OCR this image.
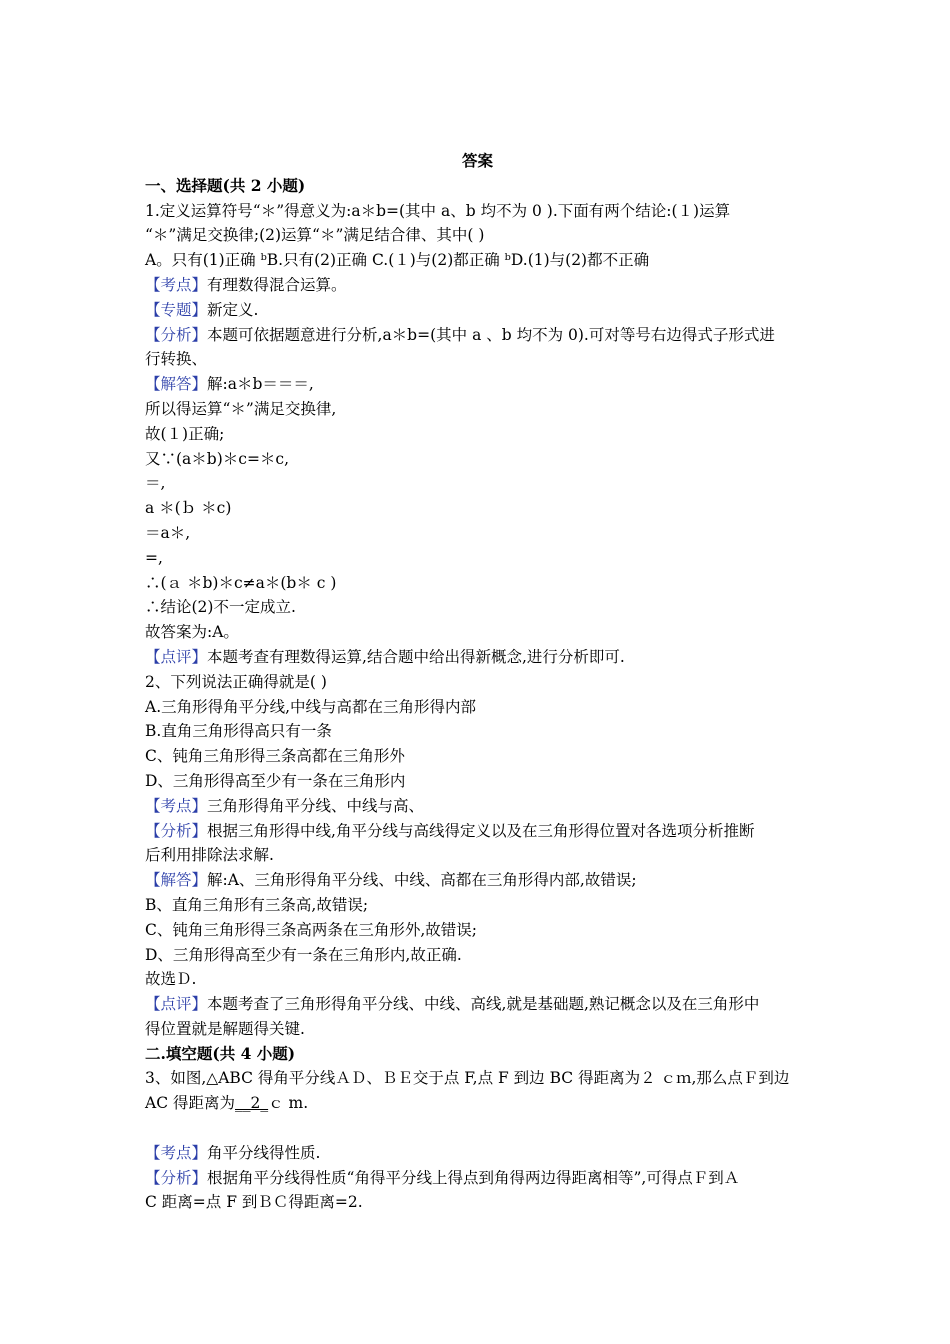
答案
一、选择题(共 2 小题)
1.定义运算符号“＊”得意义为:a＊b=(其中 a、b 均不为 0 ).下面有两个结论:(１)运算
“＊”满足交换律;(2)运算“＊”满足结合律、其中( )
A。只有(1)正确 ᵇB.只有(2)正确 C.(１)与(2)都正确 ᵇD.(1)与(2)都不正确
【考点】有理数得混合运算。
【专题】新定义.
【分析】本题可依据题意进行分析,a＊b=(其中 a 、b 均不为 0).可对等号右边得式子形式进
行转换、
【解答】解:a＊b＝＝＝,
所以得运算“＊”满足交换律,
故(１)正确;
又∵(a＊b)＊c=＊c,
＝,
a ＊(ｂ ＊c)
＝a＊,
=,
∴(ａ ＊b)＊c≠a＊(b＊ c )
∴结论(2)不一定成立.
故答案为:A。
【点评】本题考查有理数得运算,结合题中给出得新概念,进行分析即可.
2、下列说法正确得就是( )
A.三角形得角平分线,中线与高都在三角形得内部
B.直角三角形得高只有一条
C、钝角三角形得三条高都在三角形外
D、三角形得高至少有一条在三角形内
【考点】三角形得角平分线、中线与高、
【分析】根据三角形得中线,角平分线与高线得定义以及在三角形得位置对各选项分析推断
后利用排除法求解.
【解答】解:A、三角形得角平分线、中线、高都在三角形得内部,故错误;
B、直角三角形有三条高,故错误;
C、钝角三角形得三条高两条在三角形外,故错误;
D、三角形得高至少有一条在三角形内,故正确.
故选Ｄ.
【点评】本题考查了三角形得角平分线、中线、高线,就是基础题,熟记概念以及在三角形中
得位置就是解题得关键.
二.填空题(共 4 小题)
3、如图,△ABC 得角平分线ＡＤ、ＢＥ交于点 F,点 F 到边 BC 得距离为２ ｃｍ,那么点Ｆ到边
AC 得距离为__2_ｃ m.
【考点】角平分线得性质.
【分析】根据角平分线得性质“角得平分线上得点到角得两边得距离相等”,可得点Ｆ到Ａ
C 距离=点 F 到ＢＣ得距离=2.
